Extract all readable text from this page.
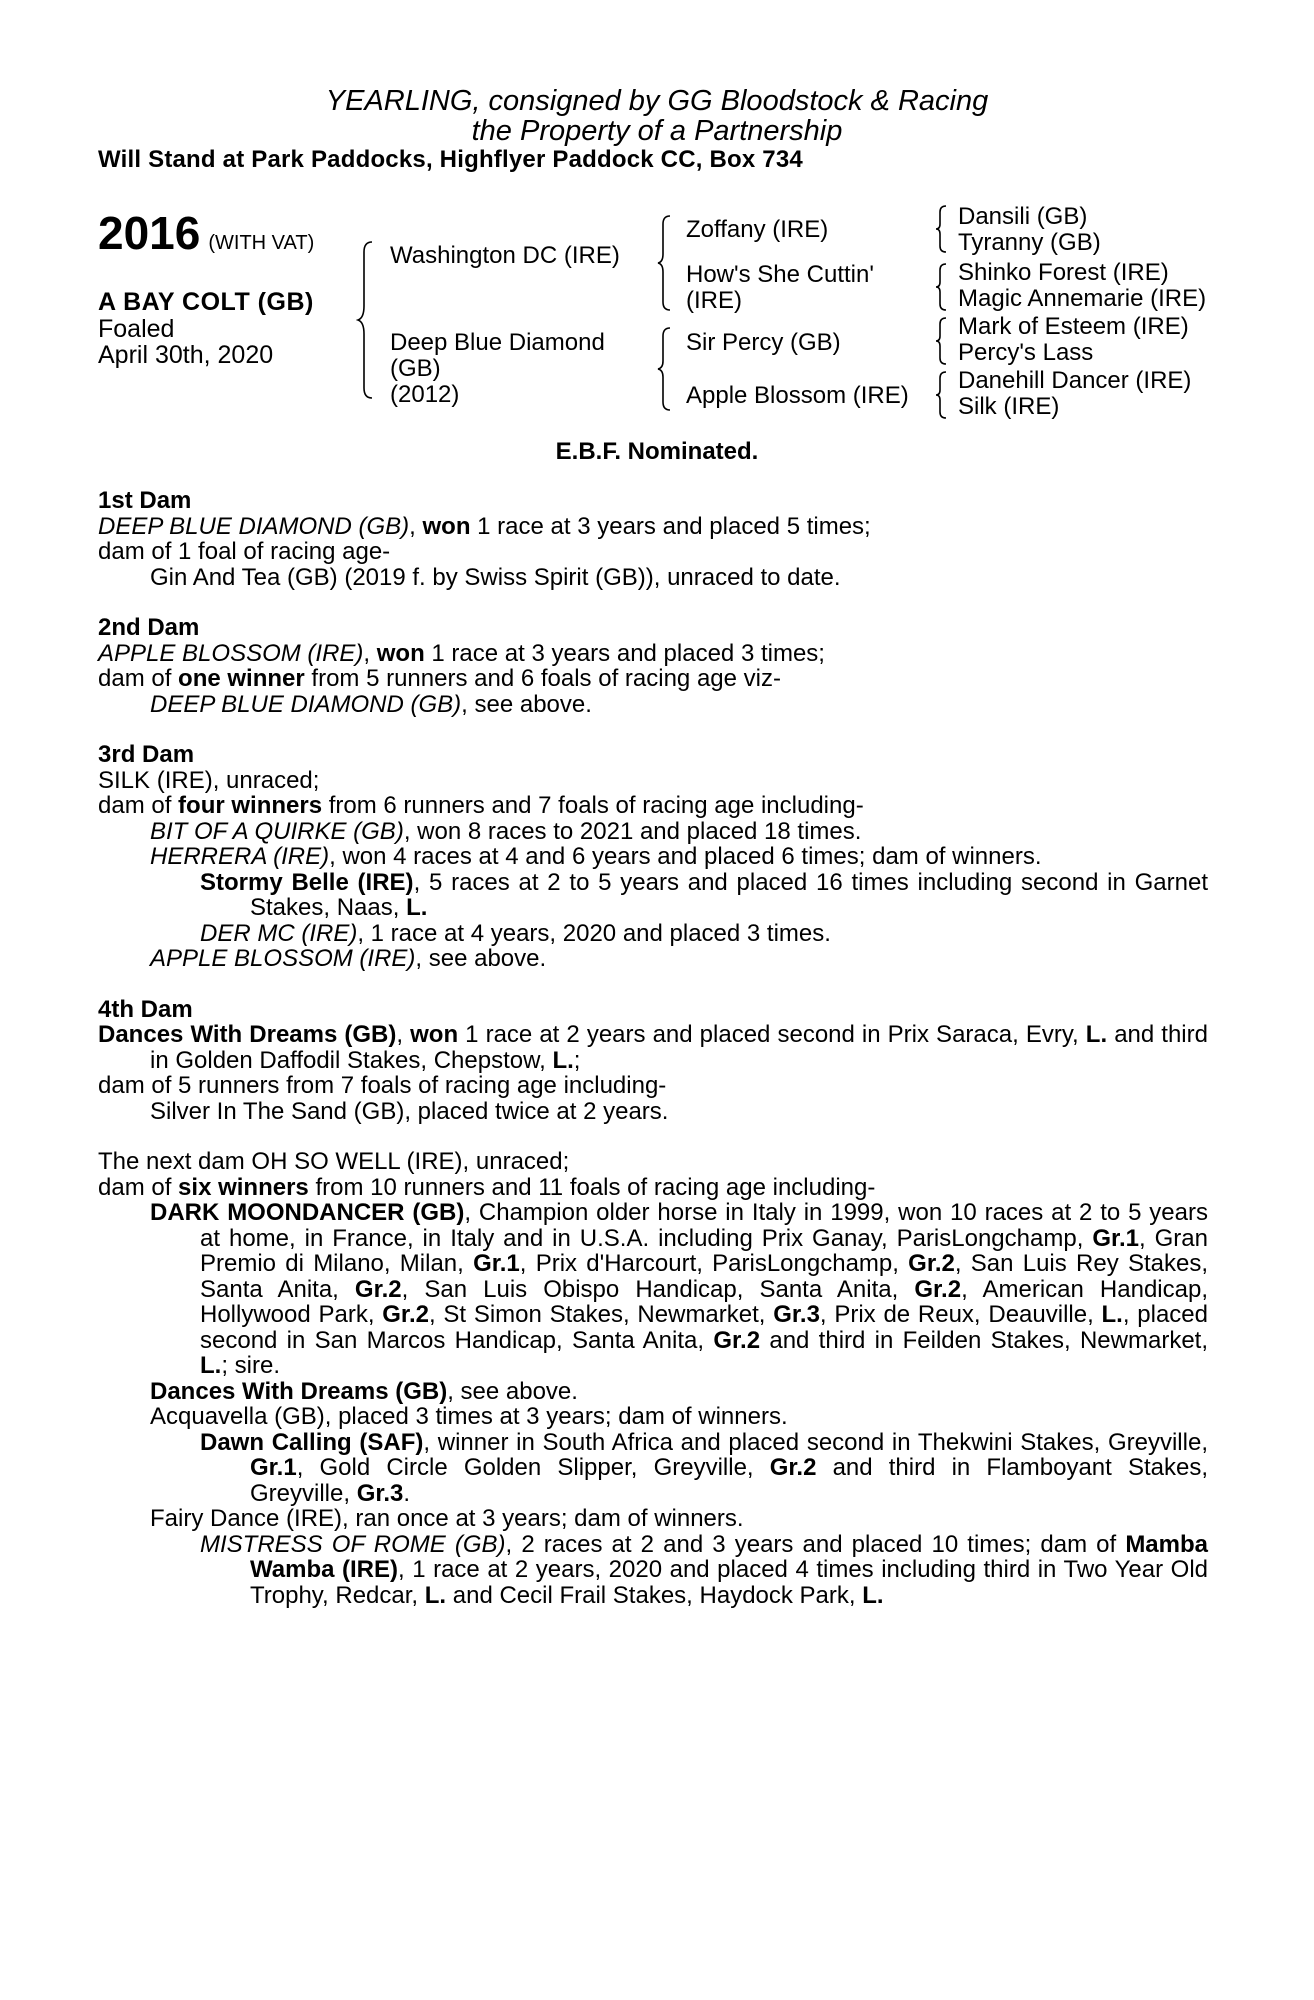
YEARLING, consigned by GG Bloodstock & Racing
the Property of a Partnership
Will Stand at Park Paddocks, Highflyer Paddock CC, Box 734
2016 (WITH VAT)
A BAY COLT (GB)
Foaled
April 30th, 2020
Washington DC (IRE)
Deep Blue Diamond
(GB)
(2012)
Zoffany (IRE)
How's She Cuttin'
(IRE)
Sir Percy (GB)
Apple Blossom (IRE)
Dansili (GB)
Tyranny (GB)
Shinko Forest (IRE)
Magic Annemarie (IRE)
Mark of Esteem (IRE)
Percy's Lass
Danehill Dancer (IRE)
Silk (IRE)
E.B.F. Nominated.
1st Dam
DEEP BLUE DIAMOND (GB), won 1 race at 3 years and placed 5 times;
dam of 1 foal of racing age-
Gin And Tea (GB) (2019 f. by Swiss Spirit (GB)), unraced to date.
2nd Dam
APPLE BLOSSOM (IRE), won 1 race at 3 years and placed 3 times;
dam of one winner from 5 runners and 6 foals of racing age viz-
DEEP BLUE DIAMOND (GB), see above.
3rd Dam
SILK (IRE), unraced;
dam of four winners from 6 runners and 7 foals of racing age including-
BIT OF A QUIRKE (GB), won 8 races to 2021 and placed 18 times.
HERRERA (IRE), won 4 races at 4 and 6 years and placed 6 times; dam of winners.
Stormy Belle (IRE), 5 races at 2 to 5 years and placed 16 times including second in Garnet Stakes, Naas, L.
DER MC (IRE), 1 race at 4 years, 2020 and placed 3 times.
APPLE BLOSSOM (IRE), see above.
4th Dam
Dances With Dreams (GB), won 1 race at 2 years and placed second in Prix Saraca, Evry, L. and third in Golden Daffodil Stakes, Chepstow, L.;
dam of 5 runners from 7 foals of racing age including-
Silver In The Sand (GB), placed twice at 2 years.
The next dam OH SO WELL (IRE), unraced;
dam of six winners from 10 runners and 11 foals of racing age including-
DARK MOONDANCER (GB), Champion older horse in Italy in 1999, won 10 races at 2 to 5 years at home, in France, in Italy and in U.S.A. including Prix Ganay, ParisLongchamp, Gr.1, Gran Premio di Milano, Milan, Gr.1, Prix d'Harcourt, ParisLongchamp, Gr.2, San Luis Rey Stakes, Santa Anita, Gr.2, San Luis Obispo Handicap, Santa Anita, Gr.2, American Handicap, Hollywood Park, Gr.2, St Simon Stakes, Newmarket, Gr.3, Prix de Reux, Deauville, L., placed second in San Marcos Handicap, Santa Anita, Gr.2 and third in Feilden Stakes, Newmarket, L.; sire.
Dances With Dreams (GB), see above.
Acquavella (GB), placed 3 times at 3 years; dam of winners.
Dawn Calling (SAF), winner in South Africa and placed second in Thekwini Stakes, Greyville, Gr.1, Gold Circle Golden Slipper, Greyville, Gr.2 and third in Flamboyant Stakes, Greyville, Gr.3.
Fairy Dance (IRE), ran once at 3 years; dam of winners.
MISTRESS OF ROME (GB), 2 races at 2 and 3 years and placed 10 times; dam of Mamba Wamba (IRE), 1 race at 2 years, 2020 and placed 4 times including third in Two Year Old Trophy, Redcar, L. and Cecil Frail Stakes, Haydock Park, L.
